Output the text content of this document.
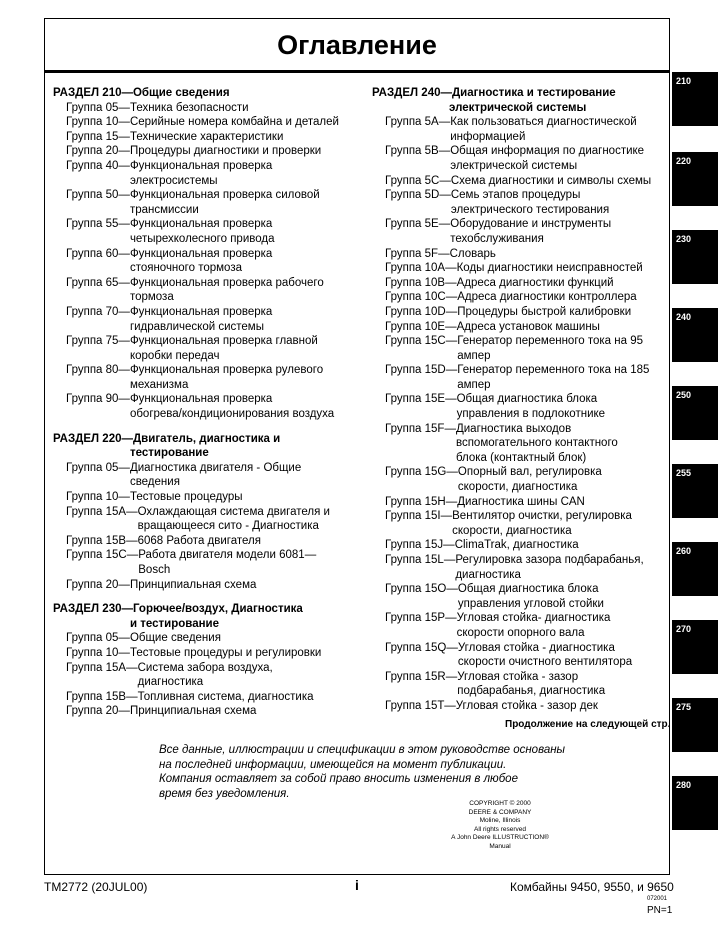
Оглавление
РАЗДЕЛ 210—Общие сведения
Группа 05— Техника безопасности
Группа 10— Серийные номера комбайна и деталей
Группа 15— Технические характеристики
Группа 20— Процедуры диагностики и проверки
Группа 40— Функциональная проверка
электросистемы
Группа 50— Функциональная проверка силовой
трансмиссии
Группа 55— Функциональная проверка
четырехколесного привода
Группа 60— Функциональная проверка
стояночного тормоза
Группа 65— Функциональная проверка рабочего
тормоза
Группа 70— Функциональная проверка
гидравлической системы
Группа 75— Функциональная проверка главной
коробки передач
Группа 80— Функциональная проверка рулевого
механизма
Группа 90— Функциональная проверка
обогрева/кондиционирования воздуха
РАЗДЕЛ 220—Двигатель, диагностика и
тестирование
Группа 05— Диагностика двигателя - Общие
сведения
Группа 10— Тестовые процедуры
Группа 15А— Охлаждающая система двигателя и
вращающееся сито - Диагностика
Группа 15В— 6068 Работа двигателя
Группа 15С— Работа двигателя модели 6081—
Bosch
Группа 20— Принципиальная схема
РАЗДЕЛ 230—Горючее/воздух, Диагностика
и тестирование
Группа 05— Общие сведения
Группа 10— Тестовые процедуры и регулировки
Группа 15А— Система забора воздуха,
диагностика
Группа 15В— Топливная система, диагностика
Группа 20— Принципиальная схема
РАЗДЕЛ 240—Диагностика и тестирование
электрической системы
Группа 5А— Как пользоваться диагностической
информацией
Группа 5В— Общая информация по диагностике
электрической системы
Группа 5С— Схема диагностики и символы схемы
Группа 5D— Семь этапов процедуры
электрического тестирования
Группа 5Е— Оборудование и инструменты
техобслуживания
Группа 5F— Словарь
Группа 10А— Коды диагностики неисправностей
Группа 10В— Адреса диагностики функций
Группа 10С— Адреса диагностики контроллера
Группа 10D— Процедуры быстрой калибровки
Группа 10Е— Адреса установок машины
Группа 15С— Генератор переменного тока на 95
ампер
Группа 15D— Генератор переменного тока на 185
ампер
Группа 15Е— Общая диагностика блока
управления в подлокотнике
Группа 15F— Диагностика выходов
вспомогательного контактного
блока (контактный блок)
Группа 15G— Опорный вал, регулировка
скорости, диагностика
Группа 15Н— Диагностика шины CAN
Группа 15I— Вентилятор очистки, регулировка
скорости, диагностика
Группа 15J— ClimaTrak, диагностика
Группа 15L— Регулировка зазора подбарабанья,
диагностика
Группа 15O— Общая диагностика блока
управления угловой стойки
Группа 15Р— Угловая стойка- диагностика
скорости опорного вала
Группа 15Q— Угловая стойка - диагностика
скорости очистного вентилятора
Группа 15R— Угловая стойка - зазор
подбарабанья, диагностика
Группа 15Т— Угловая стойка - зазор дек
Продолжение на следующей стр.
Все данные, иллюстрации и спецификации в этом руководстве основаны
на последней информации, имеющейся на момент публикации.
Компания оставляет за собой право вносить изменения в любое
время без уведомления.
COPYRIGHT © 2000
DEERE & COMPANY
Moline, Illinois
All rights reserved
A John Deere ILLUSTRUCTION® Manual
210
220
230
240
250
255
260
270
275
280
TM2772 (20JUL00)	i	Комбайны 9450, 9550, и 9650
072001
PN=1
